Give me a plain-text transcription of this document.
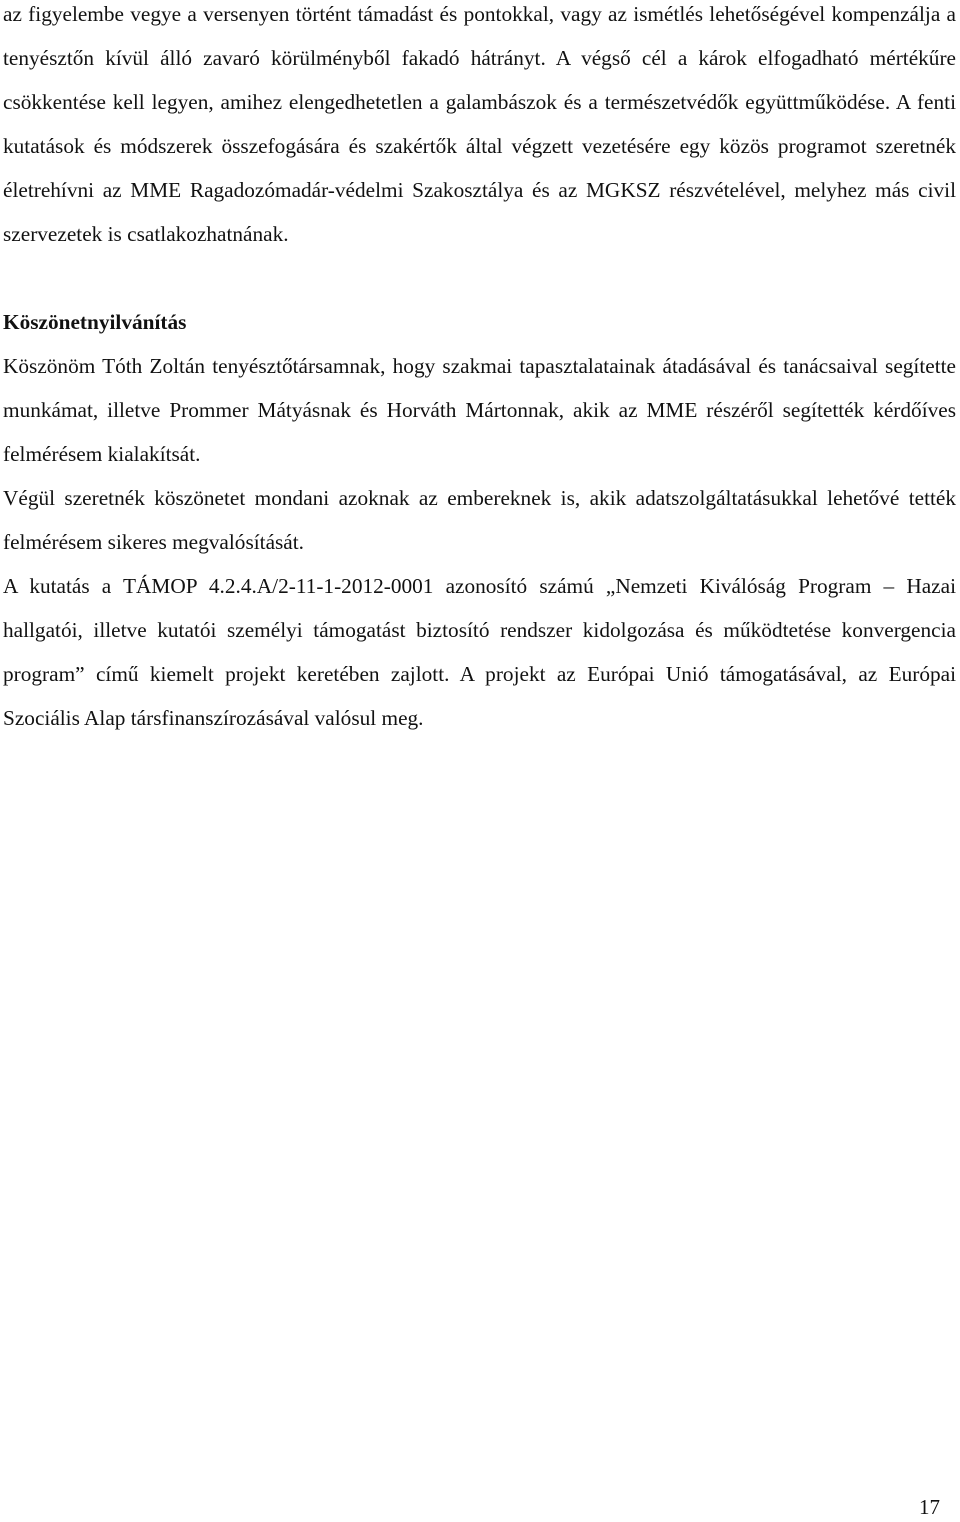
az figyelembe vegye a versenyen történt támadást és pontokkal, vagy az ismétlés lehetőségével kompenzálja a tenyésztőn kívül álló zavaró körülményből fakadó hátrányt. A végső cél a károk elfogadható mértékűre csökkentése kell legyen, amihez elengedhetetlen a galambászok és a természetvédők együttműködése. A fenti kutatások és módszerek összefogására és szakértők által végzett vezetésére egy közös programot szeretnék életrehívni az MME Ragadozómadár-védelmi Szakosztálya és az MGKSZ részvételével, melyhez más civil szervezetek is csatlakozhatnának.

Köszönetnyilvánítás

Köszönöm Tóth Zoltán tenyésztőtársamnak, hogy szakmai tapasztalatainak átadásával és tanácsaival segítette munkámat, illetve Prommer Mátyásnak és Horváth Mártonnak, akik az MME részéről segítették kérdőíves felmérésem kialakítsát.

Végül szeretnék köszönetet mondani azoknak az embereknek is, akik adatszolgáltatásukkal lehetővé tették felmérésem sikeres megvalósítását.

A kutatás a TÁMOP 4.2.4.A/2-11-1-2012-0001 azonosító számú „Nemzeti Kiválóság Program – Hazai hallgatói, illetve kutatói személyi támogatást biztosító rendszer kidolgozása és működtetése konvergencia program” című kiemelt projekt keretében zajlott. A projekt az Európai Unió támogatásával, az Európai Szociális Alap társfinanszírozásával valósul meg.

17
